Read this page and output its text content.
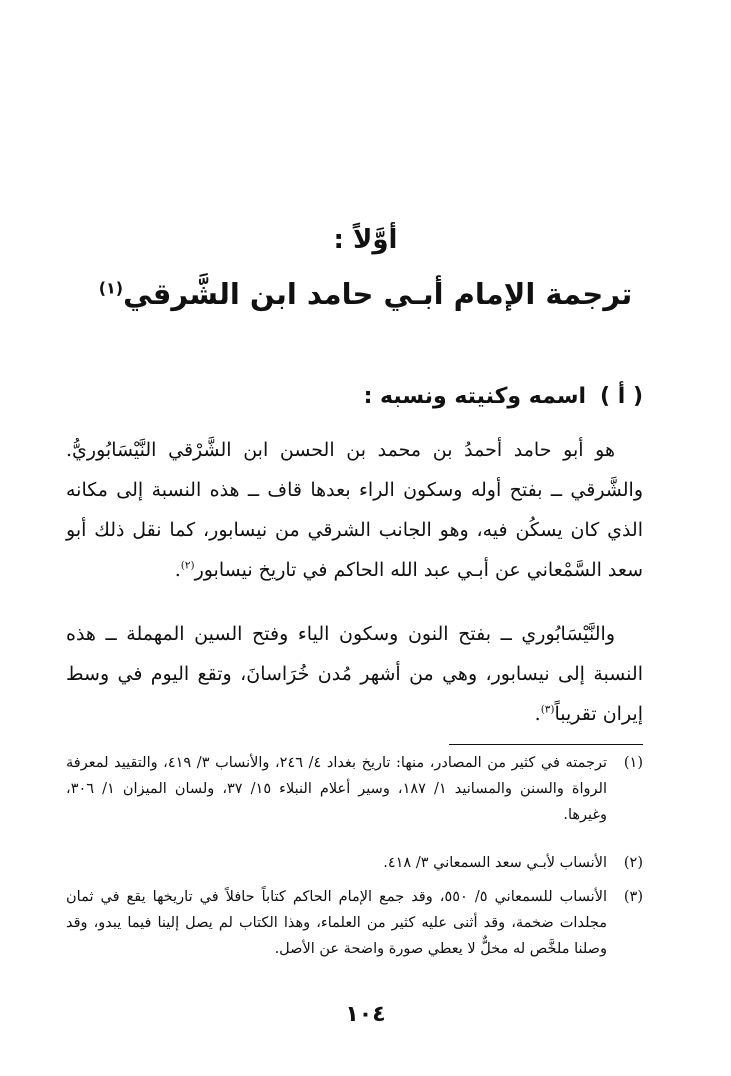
أوَّلاً :
ترجمة الإمام أبـي حامد ابن الشَّرقي$^{(١)}$
( أ )اسمه وكنيته ونسبه :

هو أبو حامد أحمدُ بن محمد بن الحسن ابن الشَّرْقي النَّيْسَابُوريُّ. والشَّرقي ــ بفتح أوله وسكون الراء بعدها قاف ــ هذه النسبة إلى مكانه الذي كان يسكُن فيه، وهو الجانب الشرقي من نيسابور، كما نقل ذلك أبو سعد السَّمْعاني عن أبـي عبد الله الحاكم في تاريخ نيسابور$^{(٢)}$.

والنَّيْسَابُوري ــ بفتح النون وسكون الياء وفتح السين المهملة ــ هذه النسبة إلى نيسابور، وهي من أشهر مُدن خُرَاسانَ، وتقع اليوم في وسط إيران تقريباً$^{(٣)}$.

(١)
ترجمته في كثير من المصادر، منها: تاريخ بغداد ٤/ ٢٤٦، والأنساب ٣/ ٤١٩، والتقييد لمعرفة الرواة والسنن والمسانيد ١/ ١٨٧، وسير أعلام النبلاء ١٥/ ٣٧، ولسان الميزان ١/ ٣٠٦، وغيرها.
(٢)
الأنساب لأبـي سعد السمعاني ٣/ ٤١٨.
(٣)
الأنساب للسمعاني ٥/ ٥٥٠، وقد جمع الإمام الحاكم كتاباً حافلاً في تاريخها يقع في ثمان مجلدات ضخمة، وقد أثنى عليه كثير من العلماء، وهذا الكتاب لم يصل إلينا فيما يبدو، وقد وصلنا ملخَّص له مخلٌّ لا يعطي صورة واضحة عن الأصل.
١٠٤
